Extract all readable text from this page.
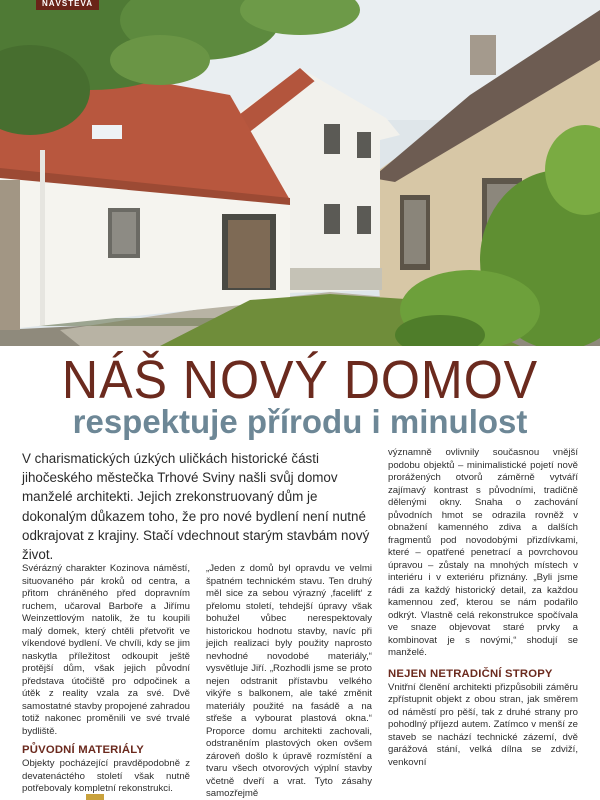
NÁVŠTĚVA
NÁŠ NOVÝ DOMOV
respektuje přírodu i minulost
V charismatických úzkých uličkách historické části jihočeského městečka Trhové Sviny našli svůj domov manželé architekti. Jejich zrekonstruovaný dům je dokonalým důkazem toho, že pro nové bydlení není nutné odkrajovat z krajiny. Stačí vdechnout starým stavbám nový život.

Svérázný charakter Kozinova náměstí, situovaného pár kroků od centra, a přitom chráněného před dopravním ruchem, učaroval Barboře a Jiřímu Weinzettlovým natolik, že tu koupili malý domek, který chtěli přetvořit ve víkendové bydlení. Ve chvíli, kdy se jim naskytla příležitost odkoupit ještě protější dům, však jejich původní představa útočiště pro odpočinek a útěk z reality vzala za své. Dvě samostatné stavby propojené zahradou totiž nakonec proměnili ve své trvalé bydliště.

PŮVODNÍ MATERIÁLY

Objekty pocházející pravděpodobně z devatenáctého století však nutně potřebovaly kompletní rekonstrukci.

„Jeden z domů byl opravdu ve velmi špatném technickém stavu. Ten druhý měl sice za sebou výrazný ‚facelift‘ z přelomu století, tehdejší úpravy však bohužel vůbec nerespektovaly historickou hodnotu stavby, navíc při jejich realizaci byly použity naprosto nevhodné novodobé materiály,“ vysvětluje Jiří. „Rozhodli jsme se proto nejen odstranit přístavbu velkého vikýře s balkonem, ale také změnit materiály použité na fasádě a na střeše a vybourat plastová okna.“ Proporce domu architekti zachovali, odstraněním plastových oken ovšem zároveň došlo k úpravě rozmístění a tvaru všech otvorových výplní stavby včetně dveří a vrat. Tyto zásahy samozřejmě

významně ovlivnily současnou vnější podobu objektů – minimalistické pojetí nově prorážených otvorů záměrně vytváří zajímavý kontrast s původními, tradičně dělenými okny. Snaha o zachování původních hmot se odrazila rovněž v obnažení kamenného zdiva a dalších fragmentů pod novodobými přizdívkami, které – opatřené penetrací a povrchovou úpravou – zůstaly na mnohých místech v interiéru i v exteriéru přiznány. „Byli jsme rádi za každý historický detail, za každou kamennou zeď, kterou se nám podařilo odkrýt. Vlastně celá rekonstrukce spočívala ve snaze objevovat staré prvky a kombinovat je s novými,“ shodují se manželé.

NEJEN NETRADIČNÍ STROPY

Vnitřní členění architekti přizpůsobili záměru zpřístupnit objekt z obou stran, jak směrem od náměstí pro pěší, tak z druhé strany pro pohodlný příjezd autem. Zatímco v menší ze staveb se nachází technické zázemí, dvě garážová stání, velká dílna se zdviží, venkovní
